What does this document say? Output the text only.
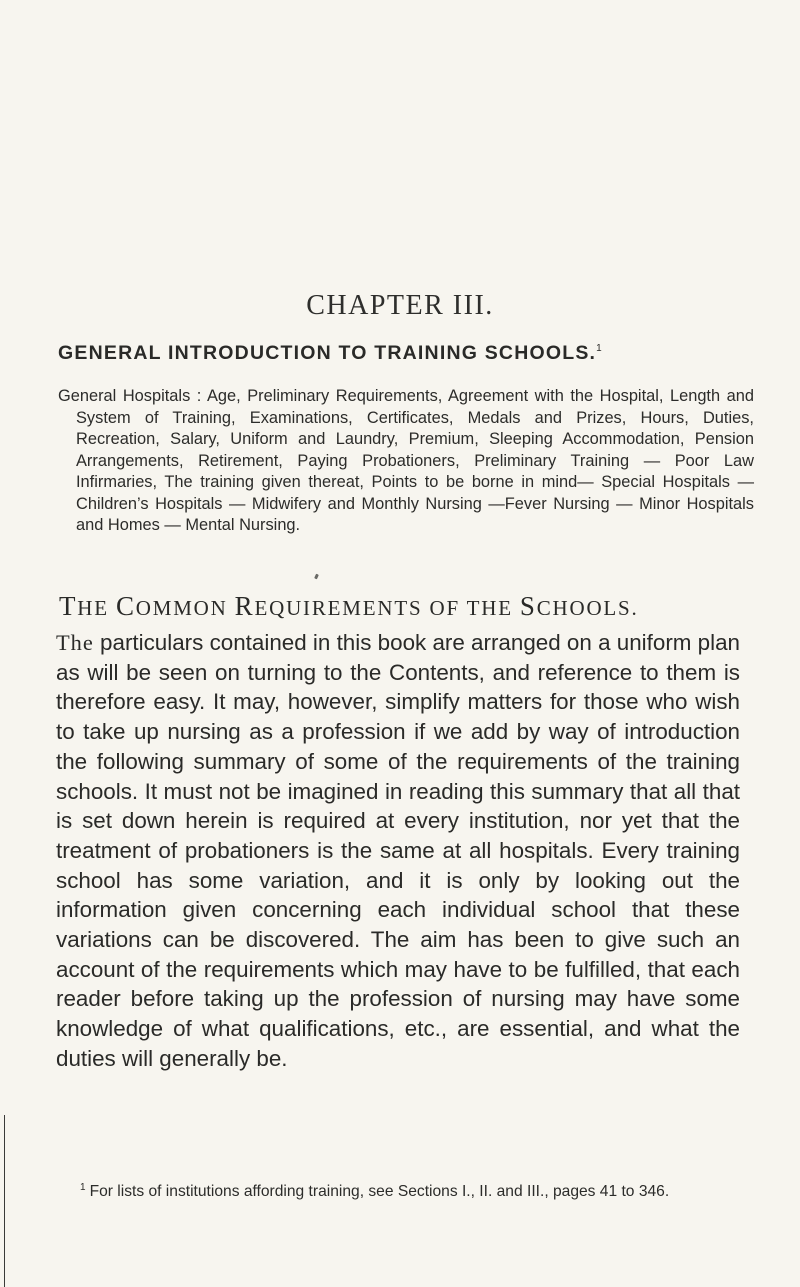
CHAPTER III.
GENERAL INTRODUCTION TO TRAINING SCHOOLS.$^1$
General Hospitals : Age, Preliminary Requirements, Agreement with the Hospital, Length and System of Training, Examinations, Certificates, Medals and Prizes, Hours, Duties, Recreation, Salary, Uniform and Laundry, Premium, Sleeping Accommodation, Pension Arrangements, Retirement, Paying Probationers, Preliminary Training — Poor Law Infirmaries, The training given thereat, Points to be borne in mind— Special Hospitals — Children’s Hospitals — Midwifery and Monthly Nursing —Fever Nursing — Minor Hospitals and Homes — Mental Nursing.
THE COMMON REQUIREMENTS OF THE SCHOOLS.
The particulars contained in this book are arranged on a uniform plan as will be seen on turning to the Contents, and reference to them is therefore easy. It may, however, simplify matters for those who wish to take up nursing as a profession if we add by way of introduction the following summary of some of the requirements of the training schools. It must not be imagined in reading this summary that all that is set down herein is required at every institution, nor yet that the treatment of probationers is the same at all hospitals. Every training school has some variation, and it is only by looking out the information given concerning each individual school that these variations can be discovered. The aim has been to give such an account of the requirements which may have to be fulfilled, that each reader before taking up the profession of nursing may have some knowledge of what qualifications, etc., are essential, and what the duties will generally be.
$^1$ For lists of institutions affording training, see Sections I., II. and III., pages 41 to 346.
